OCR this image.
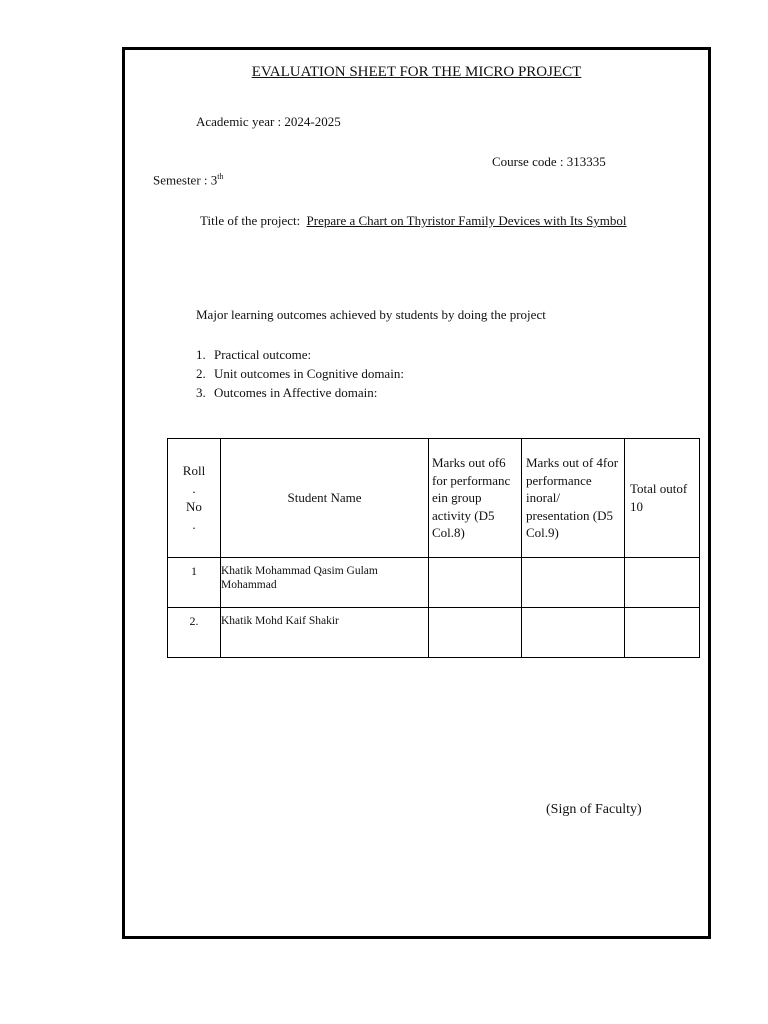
EVALUATION SHEET FOR THE MICRO PROJECT
Academic year : 2024-2025
Course code : 313335
Semester : 3th
Title of the project: Prepare a Chart on Thyristor Family Devices with Its Symbol
Major learning outcomes achieved by students by doing the project
1. Practical outcome:
2. Unit outcomes in Cognitive domain:
3. Outcomes in Affective domain:
Roll
.
No
.	Student Name	Marks out of6 for performanc ein group activity (D5 Col.8)	Marks out of 4for performance inoral/ presentation (D5 Col.9)	Total outof 10
1	Khatik Mohammad Qasim Gulam Mohammad			
2.	Khatik Mohd Kaif Shakir			
(Sign of Faculty)
